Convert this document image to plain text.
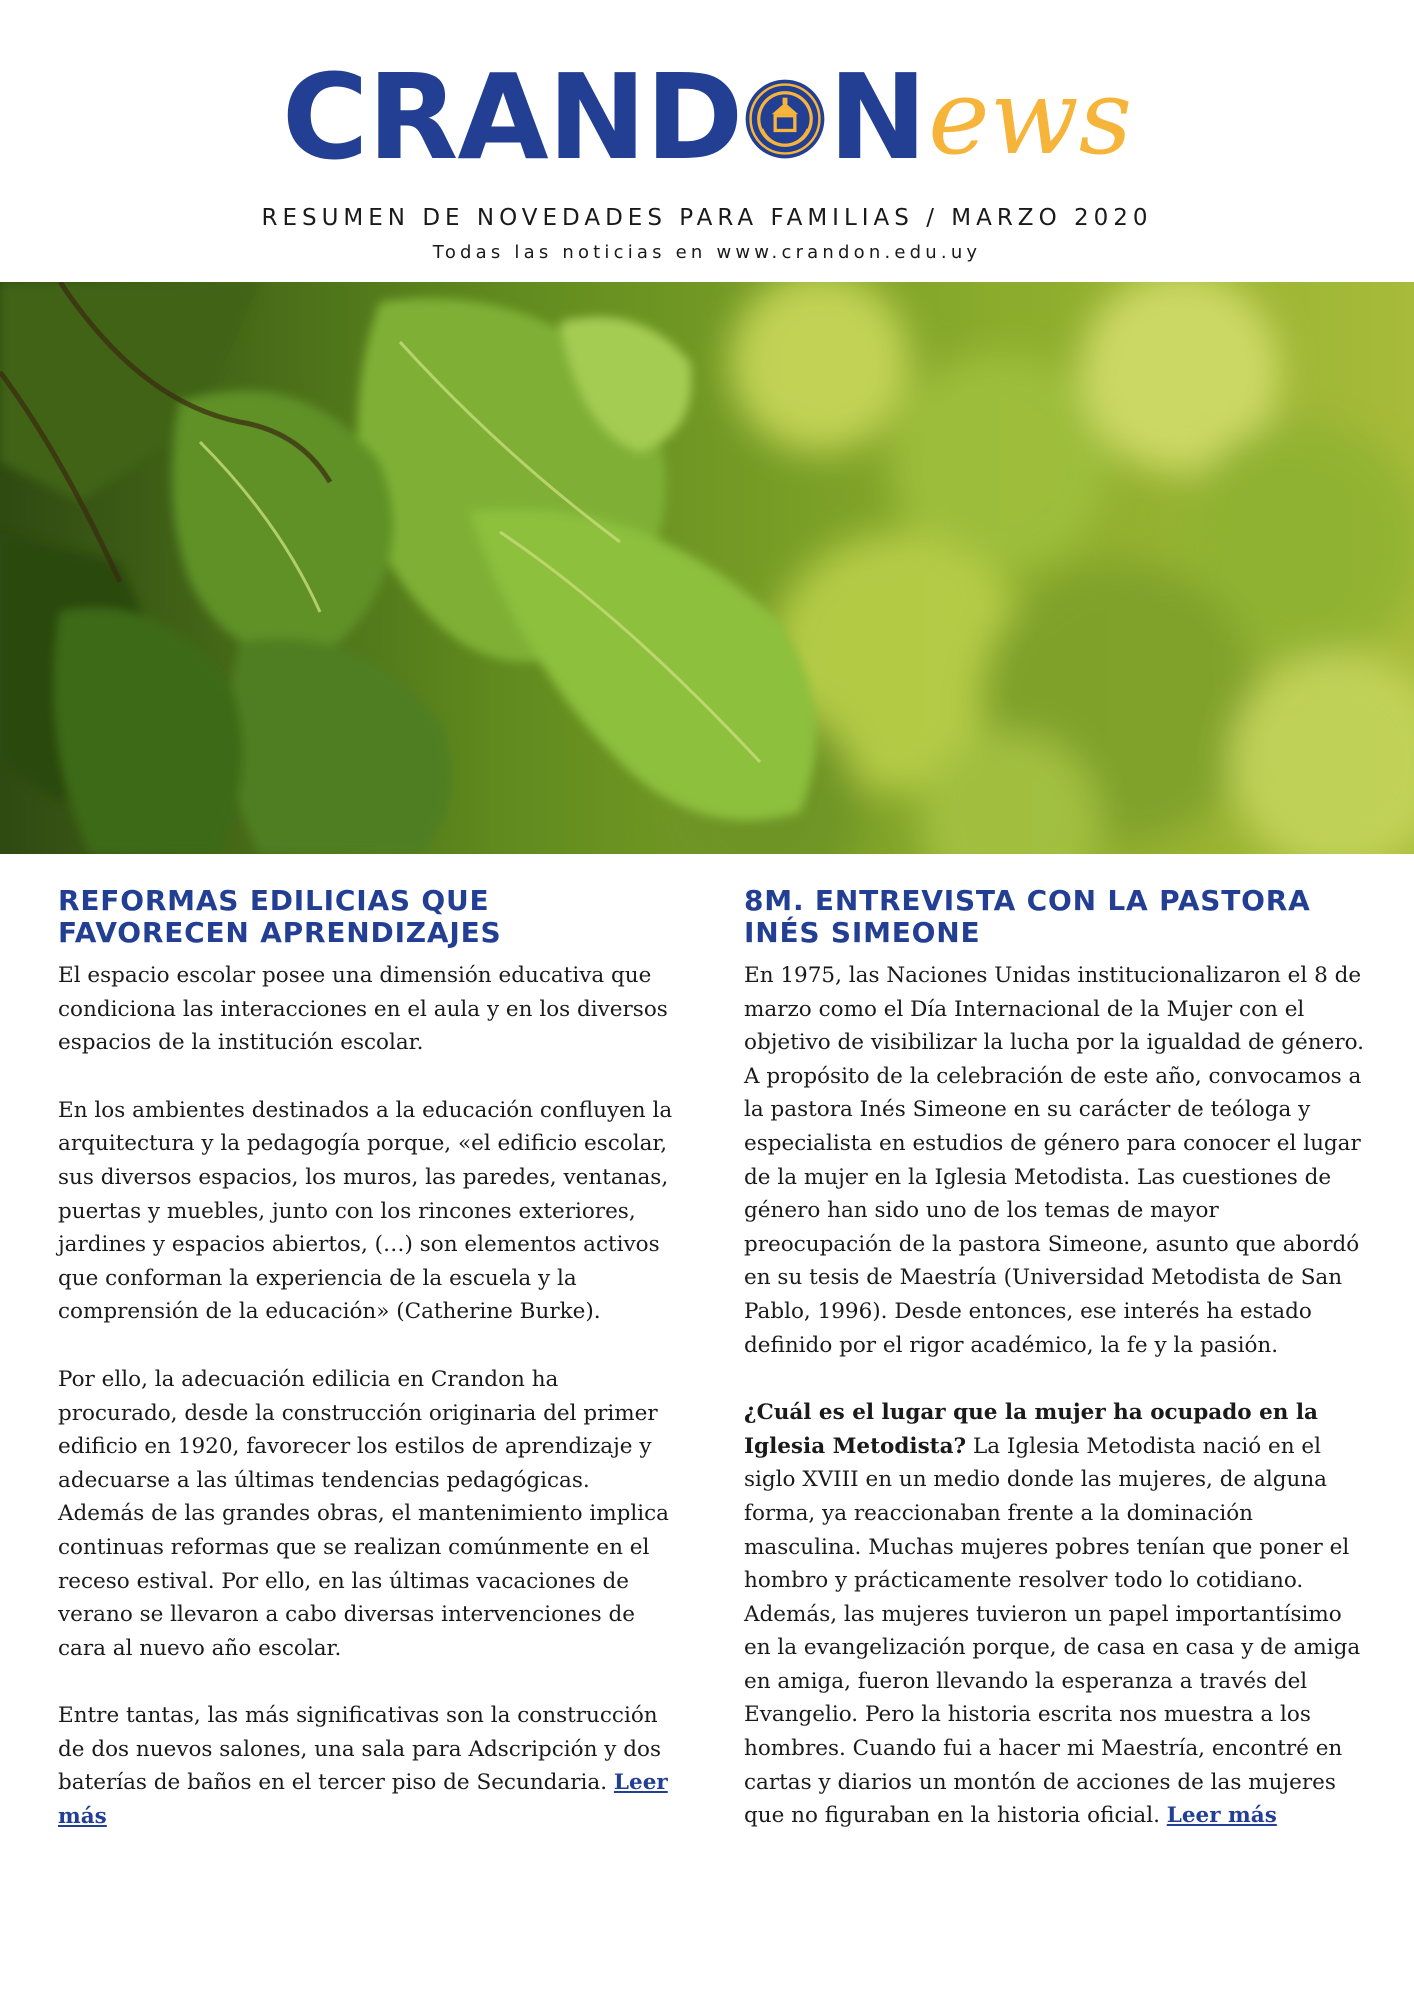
CRAND N ews
RESUMEN DE NOVEDADES PARA FAMILIAS / MARZO 2020
Todas las noticias en www.crandon.edu.uy
REFORMAS EDILICIAS QUE FAVORECEN APRENDIZAJES

El espacio escolar posee una dimensión educativa que condiciona las interacciones en el aula y en los diversos espacios de la institución escolar.

En los ambientes destinados a la educación confluyen la arquitectura y la pedagogía porque, «el edificio escolar, sus diversos espacios, los muros, las paredes, ventanas, puertas y muebles, junto con los rincones exteriores, jardines y espacios abiertos, (…) son elementos activos que conforman la experiencia de la escuela y la comprensión de la educación» (Catherine Burke).

Por ello, la adecuación edilicia en Crandon ha procurado, desde la construcción originaria del primer edificio en 1920, favorecer los estilos de aprendizaje y adecuarse a las últimas tendencias pedagógicas. Además de las grandes obras, el mantenimiento implica continuas reformas que se realizan comúnmente en el receso estival. Por ello, en las últimas vacaciones de verano se llevaron a cabo diversas intervenciones de cara al nuevo año escolar.

Entre tantas, las más significativas son la construcción de dos nuevos salones, una sala para Adscripción y dos baterías de baños en el tercer piso de Secundaria. Leer más

8M. ENTREVISTA CON LA PASTORA INÉS SIMEONE

En 1975, las Naciones Unidas institucionalizaron el 8 de marzo como el Día Internacional de la Mujer con el objetivo de visibilizar la lucha por la igualdad de género. A propósito de la celebración de este año, convocamos a la pastora Inés Simeone en su carácter de teóloga y especialista en estudios de género para conocer el lugar de la mujer en la Iglesia Metodista. Las cuestiones de género han sido uno de los temas de mayor preocupación de la pastora Simeone, asunto que abordó en su tesis de Maestría (Universidad Metodista de San Pablo, 1996). Desde entonces, ese interés ha estado definido por el rigor académico, la fe y la pasión.

¿Cuál es el lugar que la mujer ha ocupado en la Iglesia Metodista? La Iglesia Metodista nació en el siglo XVIII en un medio donde las mujeres, de alguna forma, ya reaccionaban frente a la dominación masculina. Muchas mujeres pobres tenían que poner el hombro y prácticamente resolver todo lo cotidiano. Además, las mujeres tuvieron un papel importantísimo en la evangelización porque, de casa en casa y de amiga en amiga, fueron llevando la esperanza a través del Evangelio. Pero la historia escrita nos muestra a los hombres. Cuando fui a hacer mi Maestría, encontré en cartas y diarios un montón de acciones de las mujeres que no figuraban en la historia oficial. Leer más
